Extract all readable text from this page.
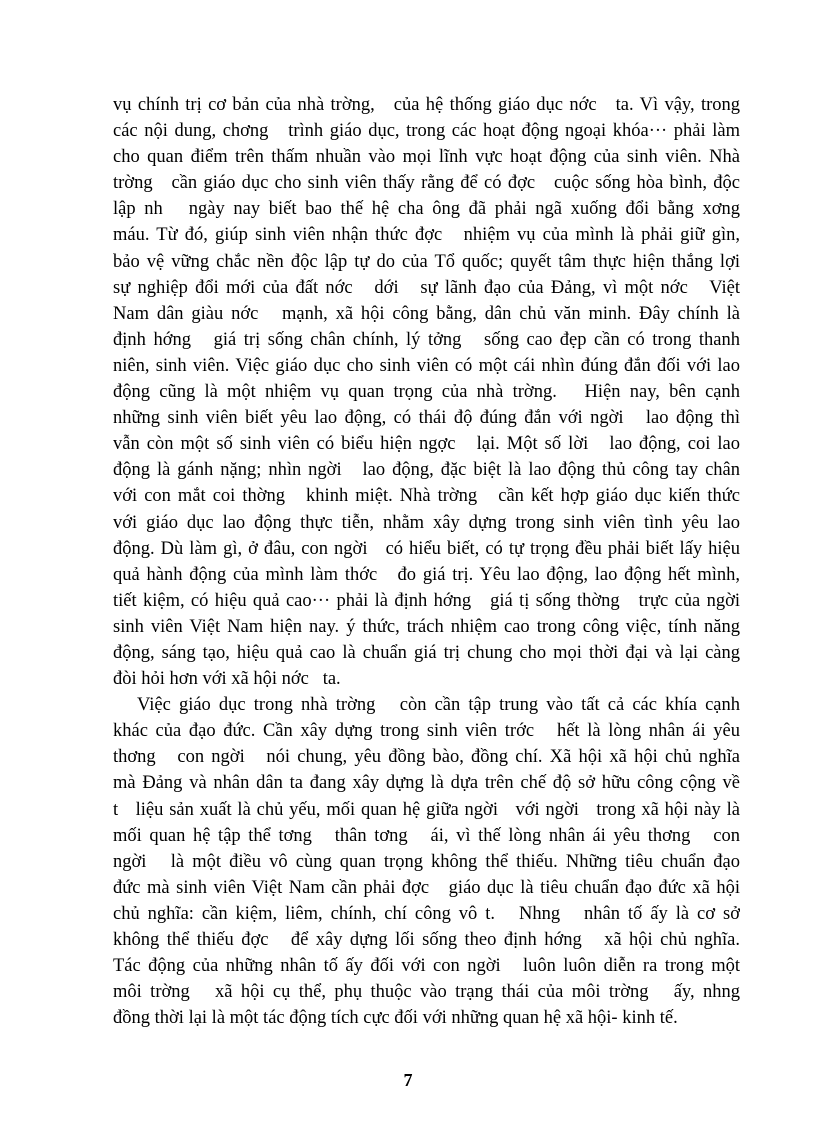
vụ chính trị cơ bản của nhà trờng,   của hệ thống giáo dục nớc   ta. Vì vậy, trong
các nội dung, chơng   trình giáo dục, trong các hoạt động ngoại khóa··· phải làm
cho quan điểm trên thấm nhuần vào mọi lĩnh vực hoạt động của sinh viên. Nhà
trờng   cần giáo dục cho sinh viên thấy rằng để có đợc   cuộc sống hòa bình, độc
lập nh   ngày nay biết bao thế hệ cha ông đã phải ngã xuống đổi bằng xơng
máu. Từ đó, giúp sinh viên nhận thức đợc   nhiệm vụ của mình là phải giữ gìn,
bảo vệ vững chắc nền độc lập tự do của Tổ quốc; quyết tâm thực hiện thắng lợi
sự nghiệp đổi mới của đất nớc   dới   sự lãnh đạo của Đảng, vì một nớc   Việt
Nam dân giàu nớc   mạnh, xã hội công bằng, dân chủ văn minh. Đây chính là
định hớng   giá trị sống chân chính, lý tởng   sống cao đẹp cần có trong thanh
niên, sinh viên. Việc giáo dục cho sinh viên có một cái nhìn đúng đắn đối với lao
động cũng là một nhiệm vụ quan trọng của nhà trờng.   Hiện nay, bên cạnh
những sinh viên biết yêu lao động, có thái độ đúng đắn với ngời   lao động thì
vẫn còn một số sinh viên có biểu hiện ngợc   lại. Một số lời   lao động, coi lao
động là gánh nặng; nhìn ngời   lao động, đặc biệt là lao động thủ công tay chân
với con mắt coi thờng   khinh miệt. Nhà trờng   cần kết hợp giáo dục kiến thức
với giáo dục lao động thực tiễn, nhằm xây dựng trong sinh viên tình yêu lao
động. Dù làm gì, ở đâu, con ngời   có hiểu biết, có tự trọng đều phải biết lấy hiệu
quả hành động của mình làm thớc   đo giá trị. Yêu lao động, lao động hết mình,
tiết kiệm, có hiệu quả cao··· phải là định hớng   giá tị sống thờng   trực của ngời
sinh viên Việt Nam hiện nay. ý thức, trách nhiệm cao trong công việc, tính năng
động, sáng tạo, hiệu quả cao là chuẩn giá trị chung cho mọi thời đại và lại càng
đòi hỏi hơn với xã hội nớc   ta.
Việc giáo dục trong nhà trờng   còn cần tập trung vào tất cả các khía cạnh
khác của đạo đức. Cần xây dựng trong sinh viên trớc   hết là lòng nhân ái yêu
thơng   con ngời   nói chung, yêu đồng bào, đồng chí. Xã hội xã hội chủ nghĩa
mà Đảng và nhân dân ta đang xây dựng là dựa trên chế độ sở hữu công cộng về
t   liệu sản xuất là chủ yếu, mối quan hệ giữa ngời   với ngời   trong xã hội này là
mối quan hệ tập thể tơng   thân tơng   ái, vì thế lòng nhân ái yêu thơng   con
ngời   là một điều vô cùng quan trọng không thể thiếu. Những tiêu chuẩn đạo
đức mà sinh viên Việt Nam cần phải đợc   giáo dục là tiêu chuẩn đạo đức xã hội
chủ nghĩa: cần kiệm, liêm, chính, chí công vô t.   Nhng   nhân tố ấy là cơ sở
không thể thiếu đợc   để xây dựng lối sống theo định hớng   xã hội chủ nghĩa.
Tác động của những nhân tố ấy đối với con ngời   luôn luôn diễn ra trong một
môi trờng   xã hội cụ thể, phụ thuộc vào trạng thái của môi trờng   ấy, nhng
đồng thời lại là một tác động tích cực đối với những quan hệ xã hội- kinh tế.
7
